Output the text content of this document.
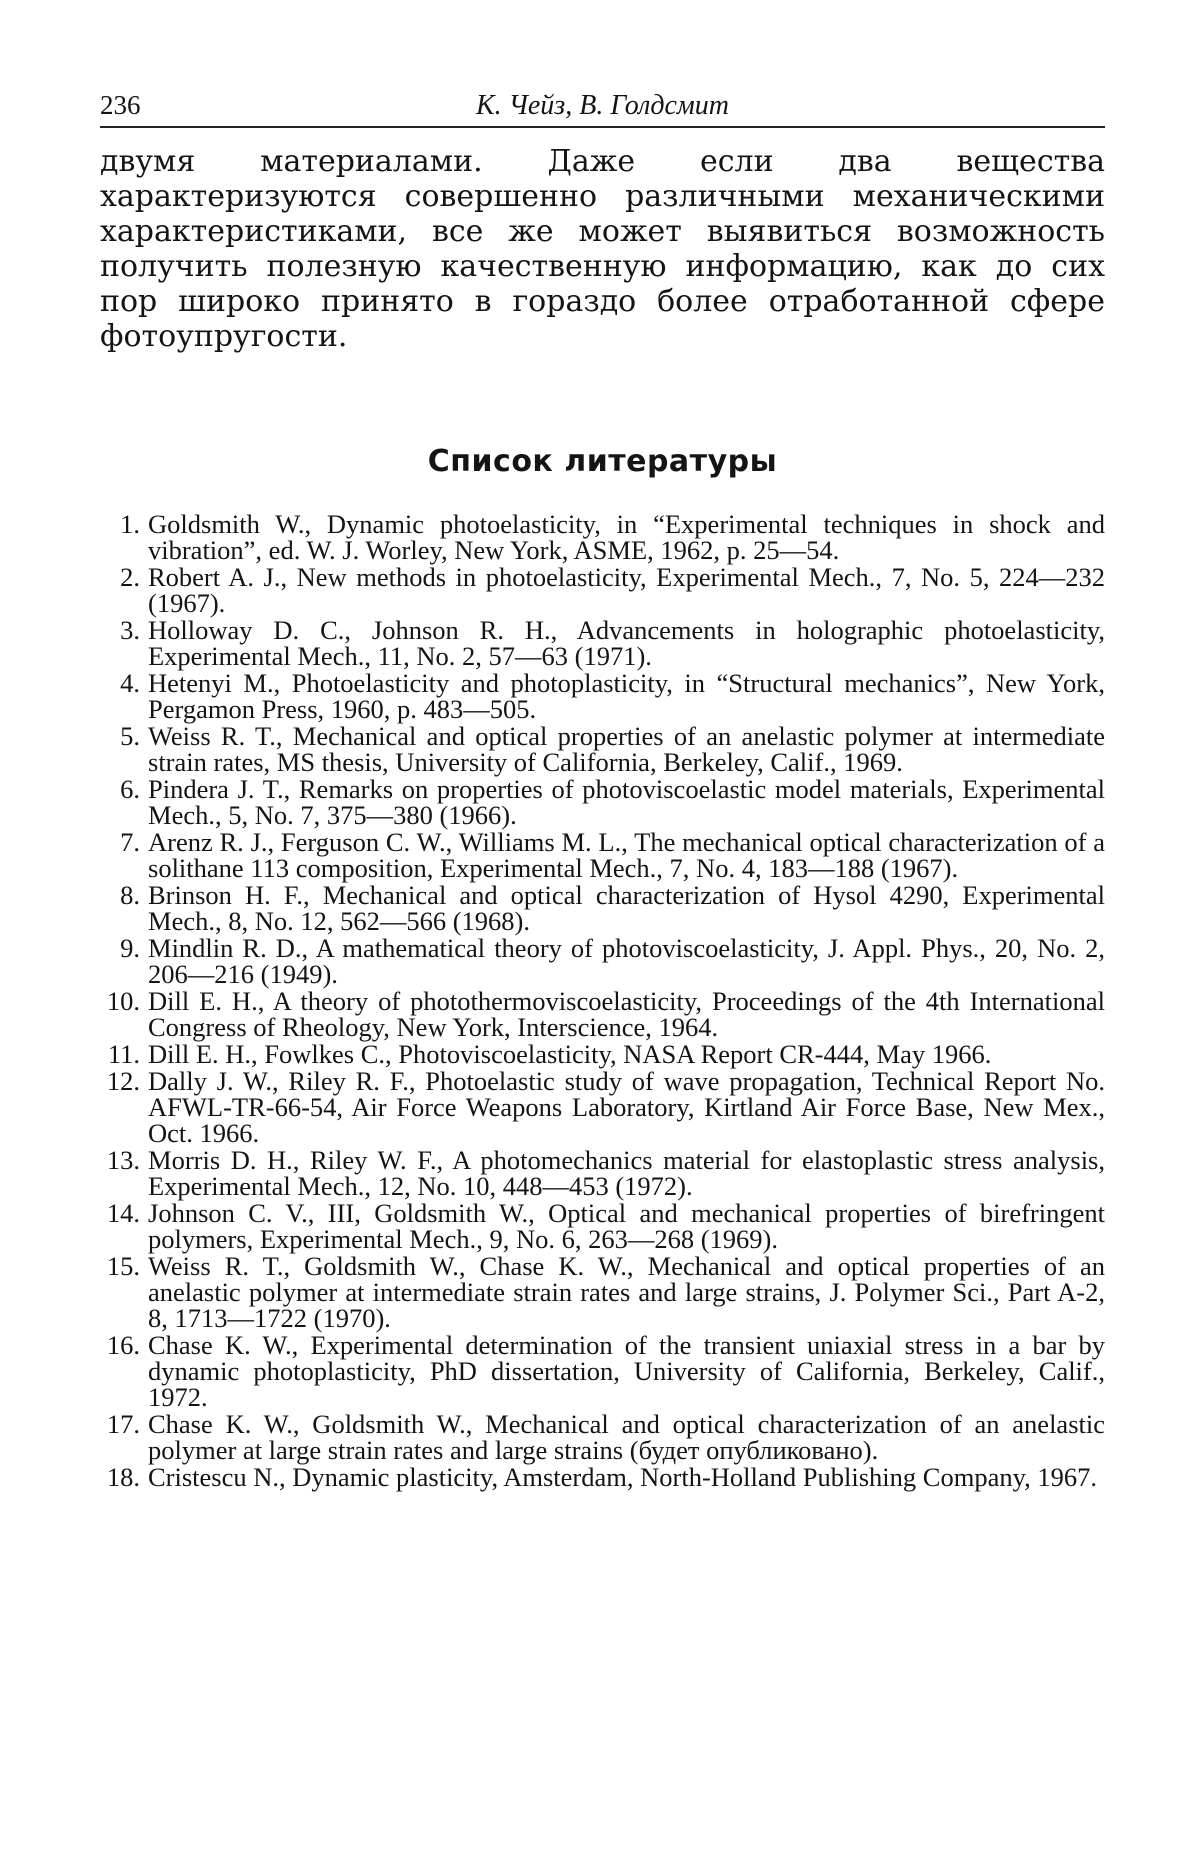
236	К. Чейз, В. Голдсмит

двумя материалами. Даже если два вещества характеризуются совершенно различными механическими характеристиками, все же может выявиться возможность получить полезную качественную информацию, как до сих пор широко принято в гораздо более отработанной сфере фотоупругости.

Список литературы
1. Goldsmith W., Dynamic photoelasticity, in “Experimental techniques in shock and vibration”, ed. W. J. Worley, New York, ASME, 1962, p. 25—54.
2. Robert A. J., New methods in photoelasticity, Experimental Mech., 7, No. 5, 224—232 (1967).
3. Holloway D. C., Johnson R. H., Advancements in holographic photoelasticity, Experimental Mech., 11, No. 2, 57—63 (1971).
4. Hetenyi M., Photoelasticity and photoplasticity, in “Structural mechanics”, New York, Pergamon Press, 1960, p. 483—505.
5. Weiss R. T., Mechanical and optical properties of an anelastic polymer at intermediate strain rates, MS thesis, University of California, Berkeley, Calif., 1969.
6. Pindera J. T., Remarks on properties of photoviscoelastic model materials, Experimental Mech., 5, No. 7, 375—380 (1966).
7. Arenz R. J., Ferguson C. W., Williams M. L., The mechanical optical characterization of a solithane 113 composition, Experimental Mech., 7, No. 4, 183—188 (1967).
8. Brinson H. F., Mechanical and optical characterization of Hysol 4290, Experimental Mech., 8, No. 12, 562—566 (1968).
9. Mindlin R. D., A mathematical theory of photoviscoelasticity, J. Appl. Phys., 20, No. 2, 206—216 (1949).
10. Dill E. H., A theory of photothermoviscoelasticity, Proceedings of the 4th International Congress of Rheology, New York, Interscience, 1964.
11. Dill E. H., Fowlkes C., Photoviscoelasticity, NASA Report CR-444, May 1966.
12. Dally J. W., Riley R. F., Photoelastic study of wave propagation, Technical Report No. AFWL-TR-66-54, Air Force Weapons Laboratory, Kirtland Air Force Base, New Mex., Oct. 1966.
13. Morris D. H., Riley W. F., A photomechanics material for elastoplastic stress analysis, Experimental Mech., 12, No. 10, 448—453 (1972).
14. Johnson C. V., III, Goldsmith W., Optical and mechanical properties of birefringent polymers, Experimental Mech., 9, No. 6, 263—268 (1969).
15. Weiss R. T., Goldsmith W., Chase K. W., Mechanical and optical properties of an anelastic polymer at intermediate strain rates and large strains, J. Polymer Sci., Part A-2, 8, 1713—1722 (1970).
16. Chase K. W., Experimental determination of the transient uniaxial stress in a bar by dynamic photoplasticity, PhD dissertation, University of California, Berkeley, Calif., 1972.
17. Chase K. W., Goldsmith W., Mechanical and optical characterization of an anelastic polymer at large strain rates and large strains (будет опубликовано).
18. Cristescu N., Dynamic plasticity, Amsterdam, North-Holland Publishing Company, 1967.
